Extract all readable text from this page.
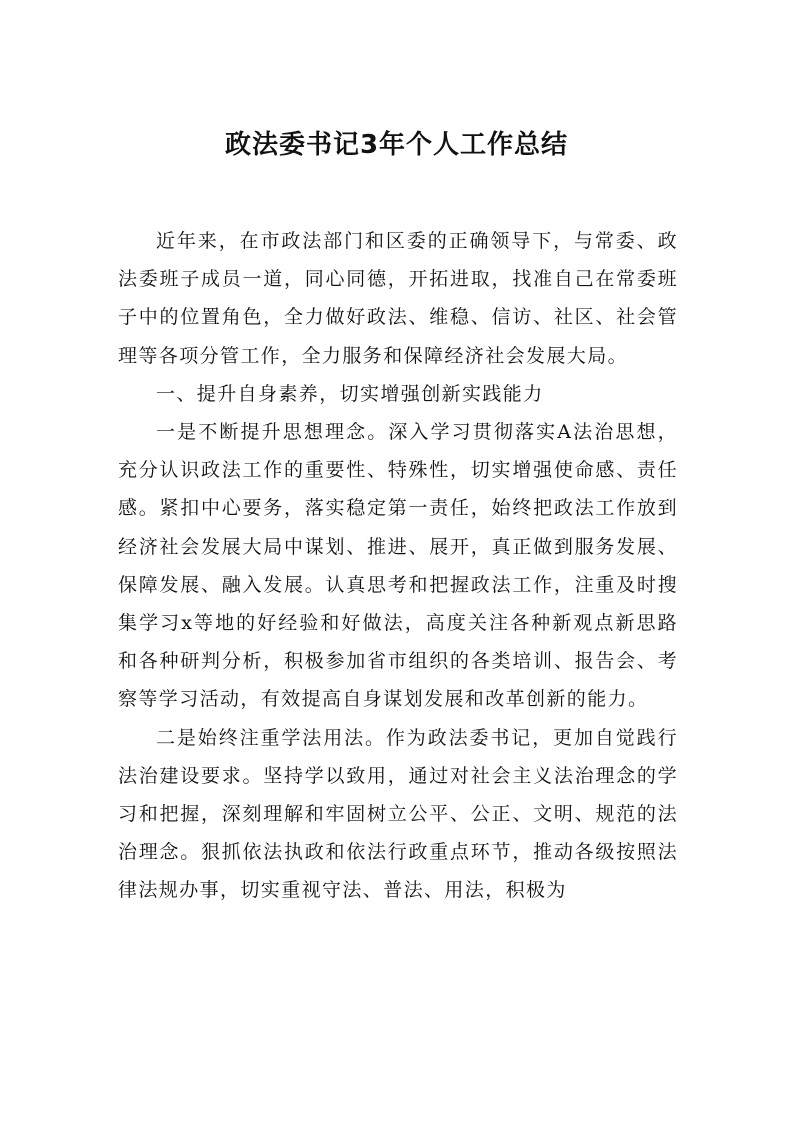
政法委书记3年个人工作总结

近年来，在市政法部门和区委的正确领导下，与常委、政法委班子成员一道，同心同德，开拓进取，找准自己在常委班子中的位置角色，全力做好政法、维稳、信访、社区、社会管理等各项分管工作，全力服务和保障经济社会发展大局。

一、提升自身素养，切实增强创新实践能力

一是不断提升思想理念。深入学习贯彻落实A法治思想，充分认识政法工作的重要性、特殊性，切实增强使命感、责任感。紧扣中心要务，落实稳定第一责任，始终把政法工作放到经济社会发展大局中谋划、推进、展开，真正做到服务发展、保障发展、融入发展。认真思考和把握政法工作，注重及时搜集学习x等地的好经验和好做法，高度关注各种新观点新思路和各种研判分析，积极参加省市组织的各类培训、报告会、考察等学习活动，有效提高自身谋划发展和改革创新的能力。

二是始终注重学法用法。作为政法委书记，更加自觉践行法治建设要求。坚持学以致用，通过对社会主义法治理念的学习和把握，深刻理解和牢固树立公平、公正、文明、规范的法治理念。狠抓依法执政和依法行政重点环节，推动各级按照法律法规办事，切实重视守法、普法、用法，积极为
